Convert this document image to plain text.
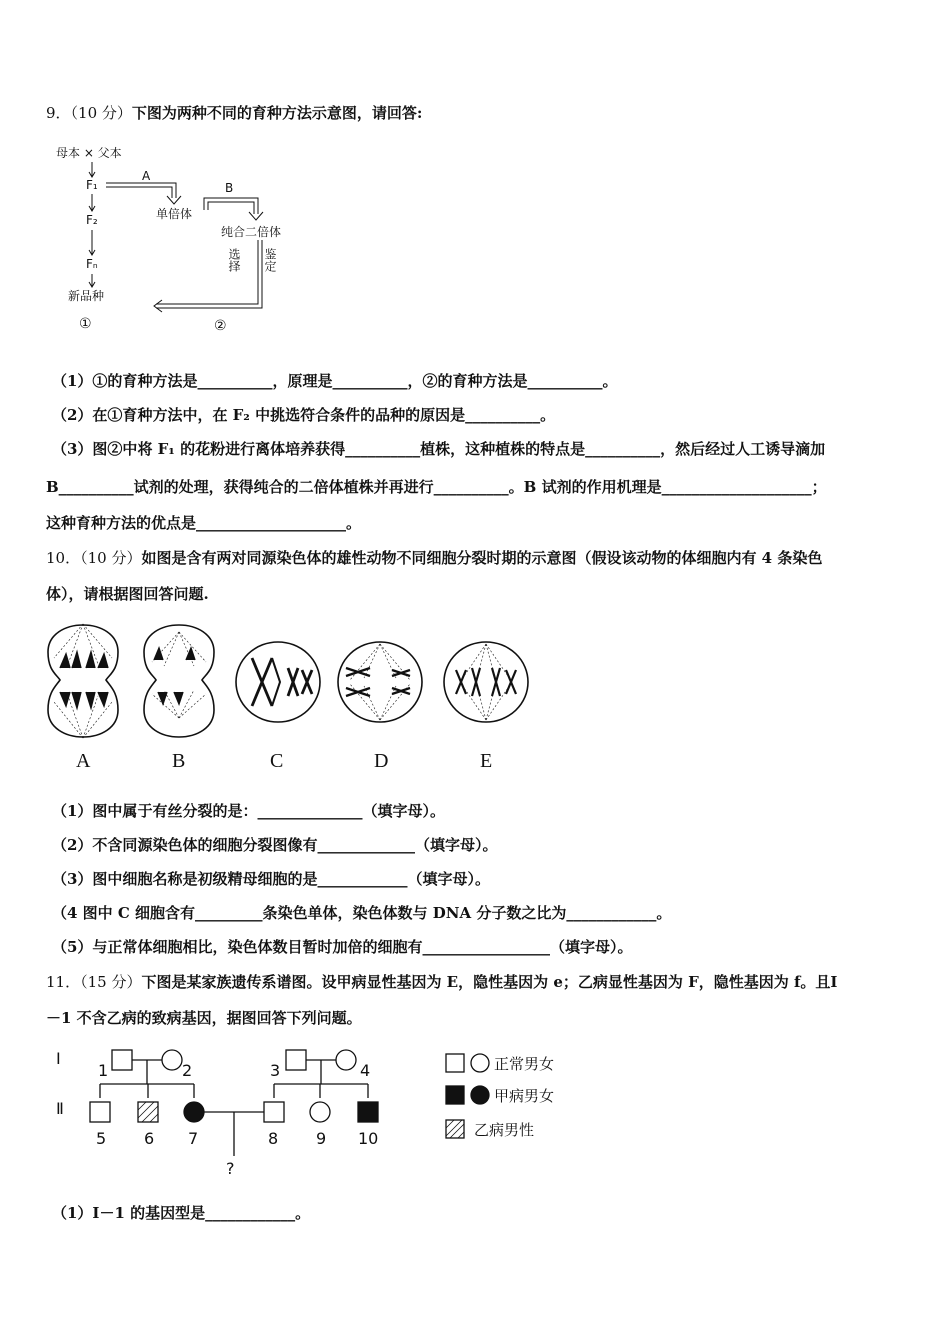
9．（10 分）下图为两种不同的育种方法示意图，请回答:
母本 × 父本
F₁
F₂
Fₙ
新品种
①	②
A
B
单倍体
纯合二倍体
选择 鉴定
（1）①的育种方法是__________，原理是__________，②的育种方法是__________。
（2）在①育种方法中，在 F₂ 中挑选符合条件的品种的原因是__________。
（3）图②中将 F₁ 的花粉进行离体培养获得__________植株，这种植株的特点是__________，然后经过人工诱导滴加
B__________试剂的处理，获得纯合的二倍体植株并再进行__________。B 试剂的作用机理是____________________；
这种育种方法的优点是____________________。
10．（10 分）如图是含有两对同源染色体的雄性动物不同细胞分裂时期的示意图（假设该动物的体细胞内有 4 条染色
体），请根据图回答问题.
A	B	C	D	E
（1）图中属于有丝分裂的是：______________（填字母）。
（2）不含同源染色体的细胞分裂图像有_____________（填字母）。
（3）图中细胞名称是初级精母细胞的是____________（填字母）。
（4 图中 C 细胞含有_________条染色单体，染色体数与 DNA 分子数之比为____________。
（5）与正常体细胞相比，染色体数目暂时加倍的细胞有_________________（填字母）。
11．（15 分）下图是某家族遗传系谱图。设甲病显性基因为 E，隐性基因为 e；乙病显性基因为 F，隐性基因为 f。且Ⅰ
－1 不含乙病的致病基因，据图回答下列问题。
Ⅰ
Ⅱ
1	2	3	4
5 6 7	8 9 10
?
正常男女
甲病男女
乙病男性
（1）Ⅰ－1 的基因型是____________。
